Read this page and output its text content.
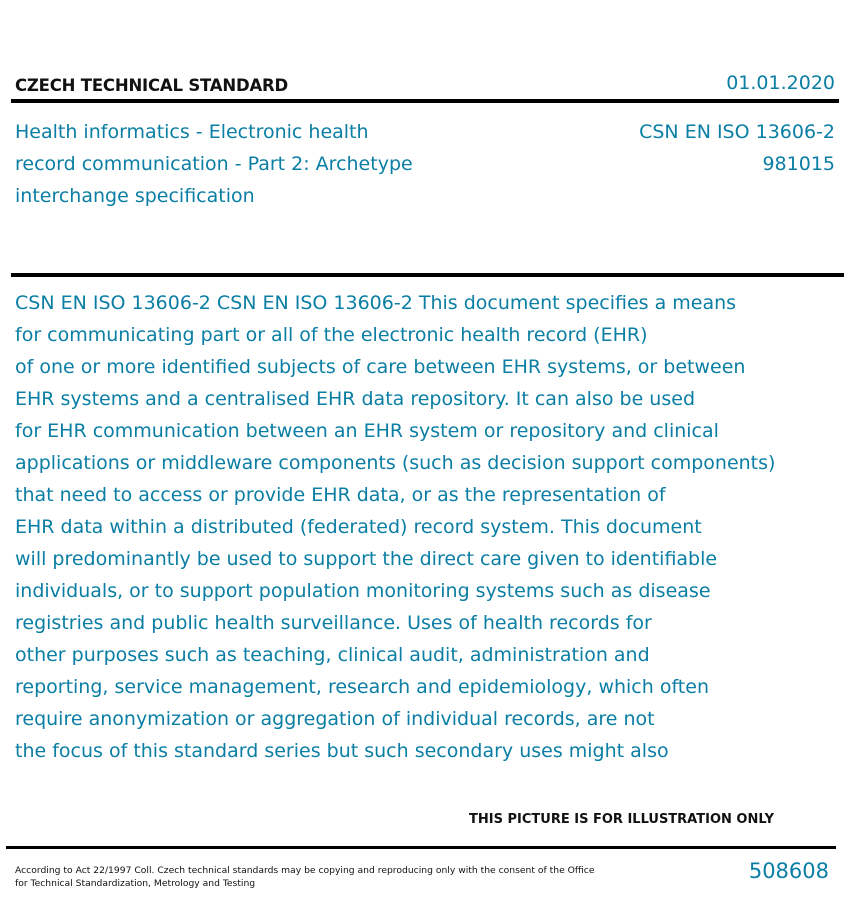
CZECH TECHNICAL STANDARD	01.01.2020
Health informatics - Electronic health
record communication - Part 2: Archetype
interchange specification
CSN EN ISO 13606-2
981015
CSN EN ISO 13606-2 CSN EN ISO 13606-2 This document specifies a means
for communicating part or all of the electronic health record (EHR)
of one or more identified subjects of care between EHR systems, or between
EHR systems and a centralised EHR data repository. It can also be used
for EHR communication between an EHR system or repository and clinical
applications or middleware components (such as decision support components)
that need to access or provide EHR data, or as the representation of
EHR data within a distributed (federated) record system. This document
will predominantly be used to support the direct care given to identifiable
individuals, or to support population monitoring systems such as disease
registries and public health surveillance. Uses of health records for
other purposes such as teaching, clinical audit, administration and
reporting, service management, research and epidemiology, which often
require anonymization or aggregation of individual records, are not
the focus of this standard series but such secondary uses might also
THIS PICTURE IS FOR ILLUSTRATION ONLY
According to Act 22/1997 Coll. Czech technical standards may be copying and reproducing only with the consent of the Office
for Technical Standardization, Metrology and Testing
508608
